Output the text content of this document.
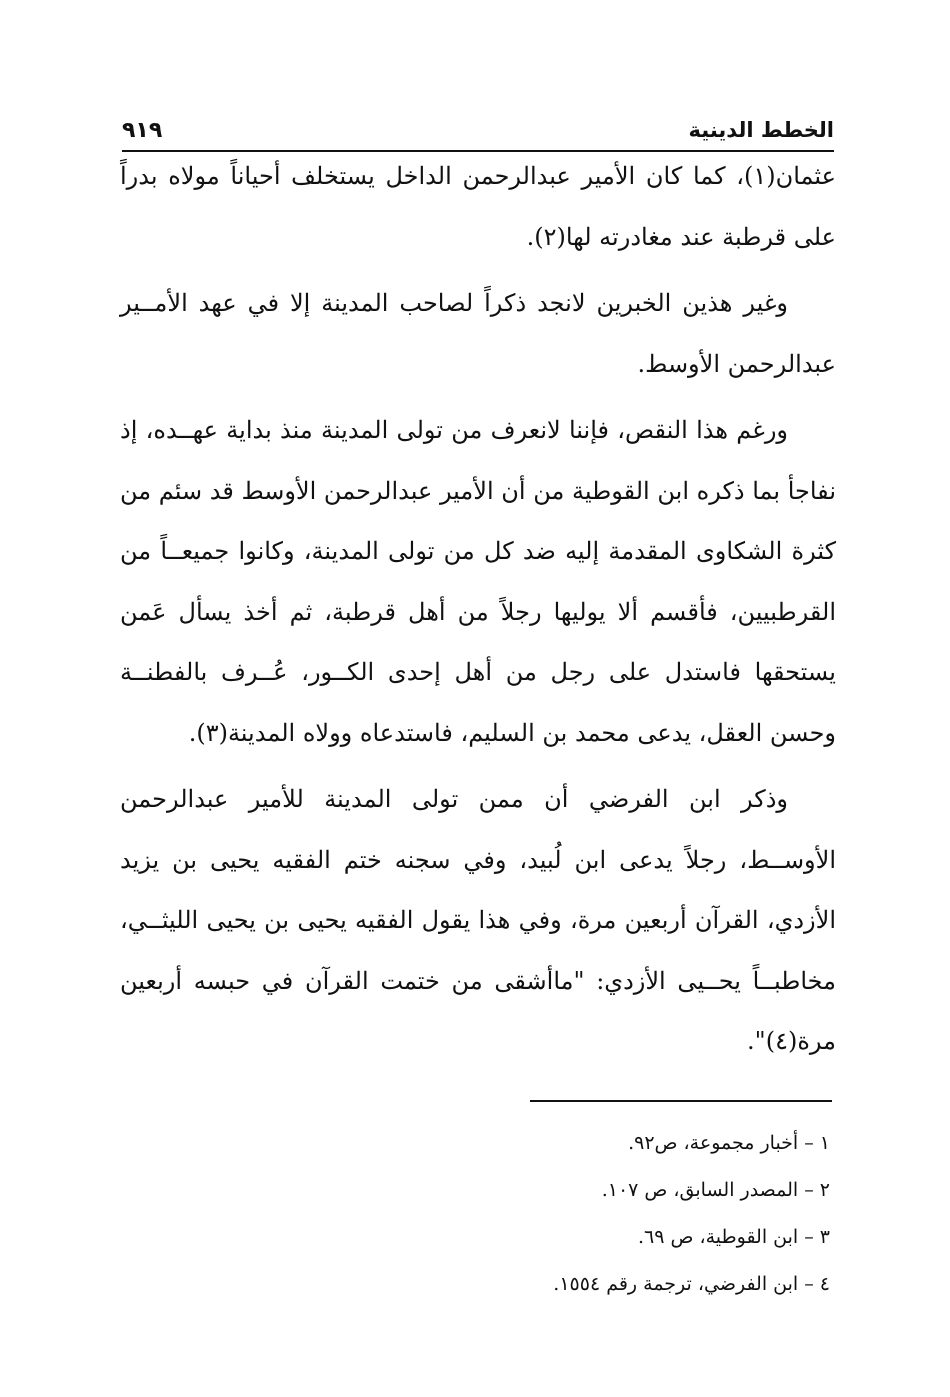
الخطط الدينية
٩١٩

عثمان(١)، كما كان الأمير عبدالرحمن الداخل يستخلف أحياناً مولاه بدراً على قرطبة عند مغادرته لها(٢).

وغير هذين الخبرين لانجد ذكراً لصاحب المدينة إلا في عهد الأمــير عبدالرحمن الأوسط.

ورغم هذا النقص، فإننا لانعرف من تولى المدينة منذ بداية عهــده، إذ نفاجأ بما ذكره ابن القوطية من أن الأمير عبدالرحمن الأوسط قد سئم من كثرة الشكاوى المقدمة إليه ضد كل من تولى المدينة، وكانوا جميعــاً من القرطبيين، فأقسم ألا يوليها رجلاً من أهل قرطبة، ثم أخذ يسأل عَمن يستحقها فاستدل على رجل من أهل إحدى الكــور، عُــرف بالفطنــة وحسن العقل، يدعى محمد بن السليم، فاستدعاه وولاه المدينة(٣).

وذكر ابن الفرضي أن ممن تولى المدينة للأمير عبدالرحمن الأوســط، رجلاً يدعى ابن لُبيد، وفي سجنه ختم الفقيه يحيى بن يزيد الأزدي، القرآن أربعين مرة، وفي هذا يقول الفقيه يحيى بن يحيى الليثــي، مخاطبــاً يحــيى الأزدي: "ماأشقى من ختمت القرآن في حبسه أربعين مرة(٤)".

١ – أخبار مجموعة، ص٩٢.
٢ – المصدر السابق، ص ١٠٧.
٣ – ابن القوطية، ص ٦٩.
٤ – ابن الفرضي، ترجمة رقم ١٥٥٤.
